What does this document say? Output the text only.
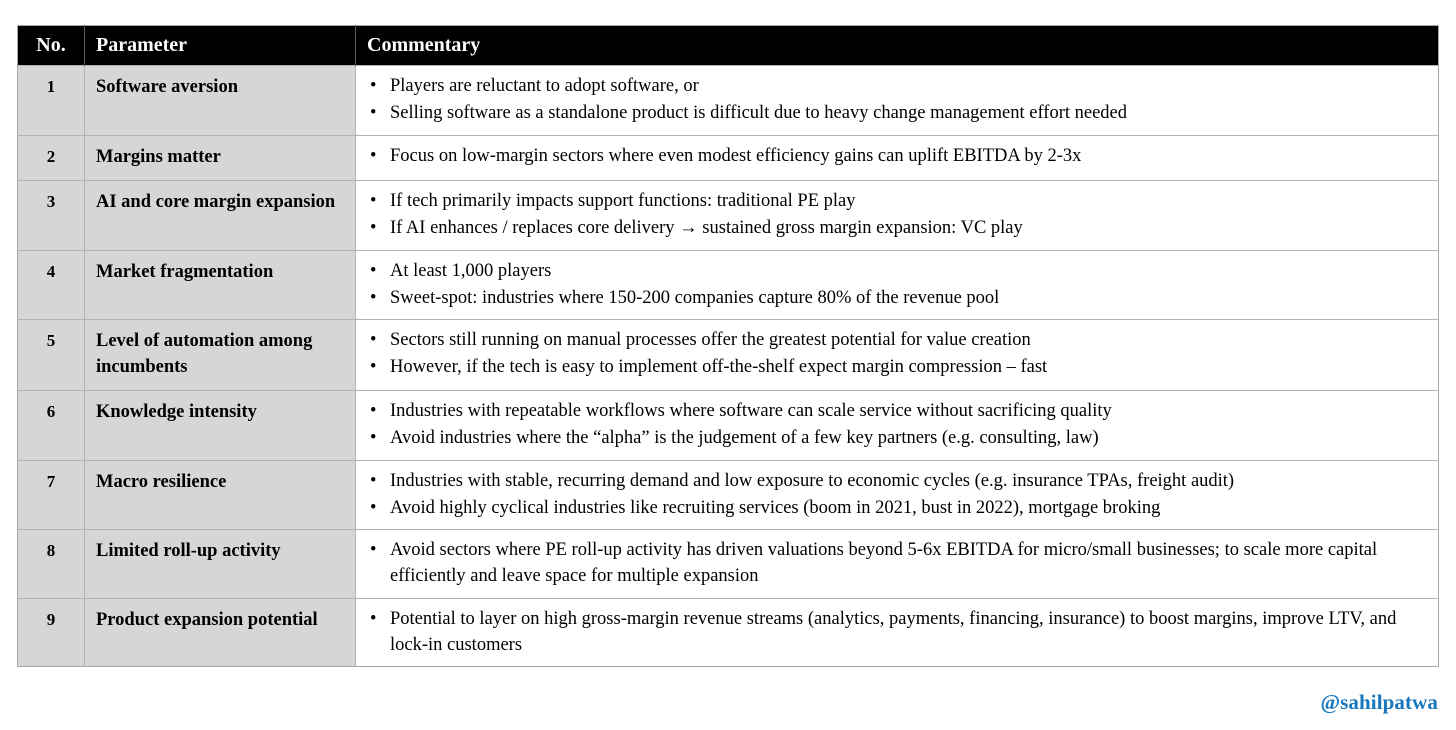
No.	Parameter	Commentary
1	Software aversion	• Players are reluctant to adopt software, or
• Selling software as a standalone product is difficult due to heavy change management effort needed

2	Margins matter	• Focus on low-margin sectors where even modest efficiency gains can uplift EBITDA by 2-3x

3	AI and core margin expansion	• If tech primarily impacts support functions: traditional PE play
• If AI enhances / replaces core delivery → sustained gross margin expansion: VC play

4	Market fragmentation	• At least 1,000 players
• Sweet-spot: industries where 150-200 companies capture 80% of the revenue pool

5	Level of automation among incumbents	
• Sectors still running on manual processes offer the greatest potential for value creation
• However, if the tech is easy to implement off-the-shelf expect margin compression – fast

6	Knowledge intensity	• Industries with repeatable workflows where software can scale service without sacrificing quality
• Avoid industries where the “alpha” is the judgement of a few key partners (e.g. consulting, law)

7	Macro resilience	• Industries with stable, recurring demand and low exposure to economic cycles (e.g. insurance TPAs, freight audit)
• Avoid highly cyclical industries like recruiting services (boom in 2021, bust in 2022), mortgage broking

8	Limited roll-up activity	• Avoid sectors where PE roll-up activity has driven valuations beyond 5-6x EBITDA for micro/small businesses; to scale more capital efficiently and leave space for multiple expansion

9	Product expansion potential	• Potential to layer on high gross-margin revenue streams (analytics, payments, financing, insurance) to boost margins, improve LTV, and lock-in customers
@sahilpatwa
